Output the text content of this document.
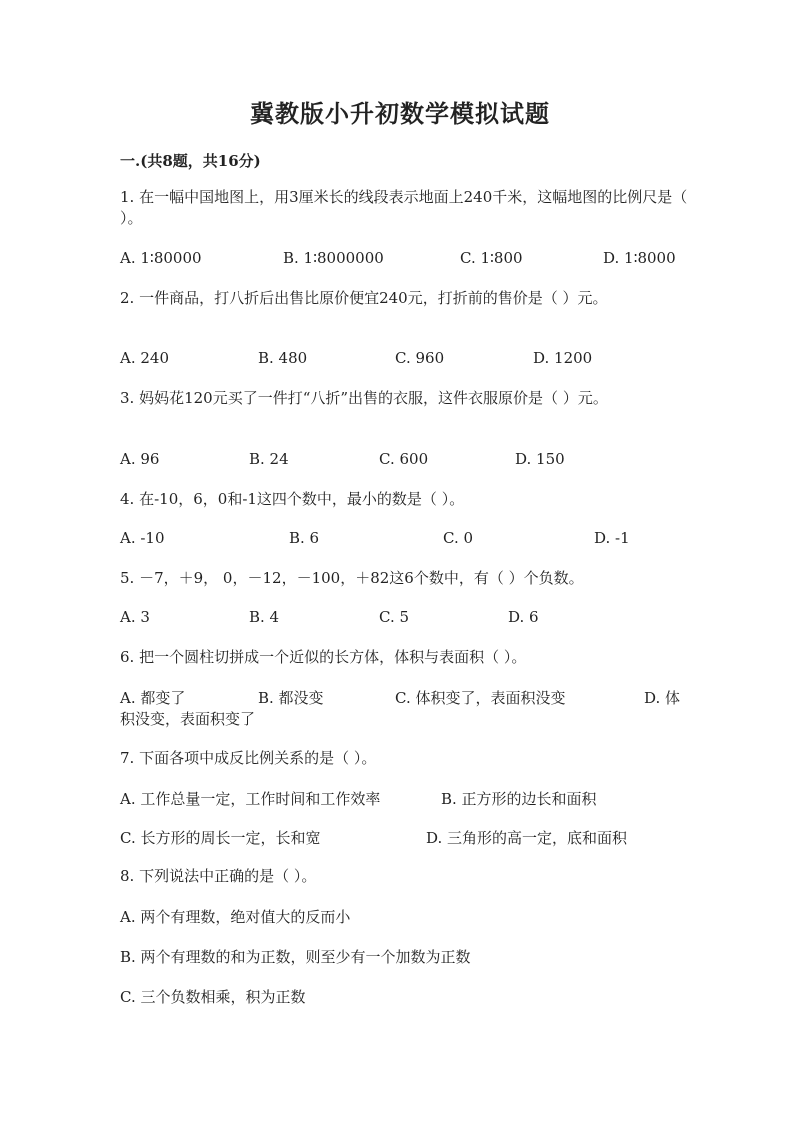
冀教版小升初数学模拟试题
一.(共8题，共16分)
1. 在一幅中国地图上，用3厘米长的线段表示地面上240千米，这幅地图的比例尺是（ ）。
A. 1∶80000	B. 1∶8000000	C. 1∶800	D. 1∶8000
2. 一件商品，打八折后出售比原价便宜240元，打折前的售价是（ ）元。
A. 240	B. 480	C. 960	D. 1200
3. 妈妈花120元买了一件打“八折”出售的衣服，这件衣服原价是（ ）元。
A. 96	B. 24	C. 600	D. 150
4. 在-10，6，0和-1这四个数中，最小的数是（ ）。
A. -10	B. 6	C. 0	D. -1
5. －7，＋9， 0，－12，－100，＋82这6个数中，有（ ）个负数。
A. 3	B. 4	C. 5	D. 6
6. 把一个圆柱切拼成一个近似的长方体，体积与表面积（ ）。
A. 都变了	B. 都没变	C. 体积变了，表面积没变	D. 体
积没变，表面积变了
7. 下面各项中成反比例关系的是（ ）。
A. 工作总量一定，工作时间和工作效率	B. 正方形的边长和面积
C. 长方形的周长一定，长和宽	D. 三角形的高一定，底和面积
8. 下列说法中正确的是（ ）。
A. 两个有理数，绝对值大的反而小
B. 两个有理数的和为正数，则至少有一个加数为正数
C. 三个负数相乘，积为正数
